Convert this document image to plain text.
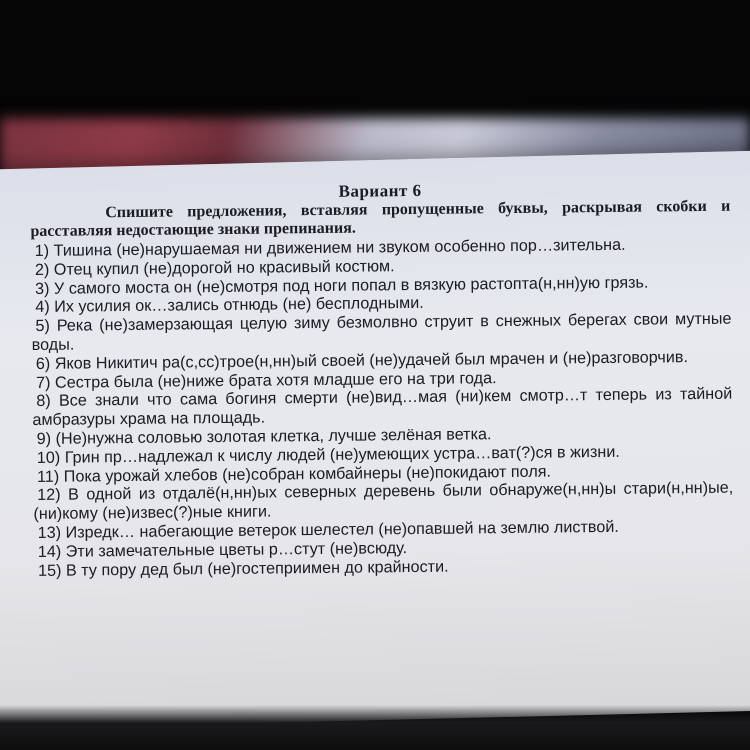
Вариант 6
Спишите предложения, вставляя пропущенные буквы, раскрывая скобки и расставляя недостающие знаки препинания.
1) Тишина (не)нарушаемая ни движением ни звуком особенно пор…зительна.
2) Отец купил (не)дорогой но красивый костюм.
3) У самого моста он (не)смотря под ноги попал в вязкую растопта(н,нн)ую грязь.
4) Их усилия ок…зались отнюдь (не) бесплодными.
5) Река (не)замерзающая целую зиму безмолвно струит в снежных берегах свои мутные воды.
6) Яков Никитич ра(с,сс)трое(н,нн)ый своей (не)удачей был мрачен и (не)разговорчив.
7) Сестра была (не)ниже брата хотя младше его на три года.
8) Все знали что сама богиня смерти (не)вид…мая (ни)кем смотр…т теперь из тайной амбразуры храма на площадь.
9) (Не)нужна соловью золотая клетка, лучше зелёная ветка.
10) Грин пр…надлежал к числу людей (не)умеющих устра…ват(?)ся в жизни.
11) Пока урожай хлебов (не)собран комбайнеры (не)покидают поля.
12) В одной из отдалё(н,нн)ых северных деревень были обнаруже(н,нн)ы стари(н,нн)ые, (ни)кому (не)извес(?)ные книги.
13) Изредк… набегающие ветерок шелестел (не)опавшей на землю листвой.
14) Эти замечательные цветы р…стут (не)всюду.
15) В ту пору дед был (не)гостеприимен до крайности.
